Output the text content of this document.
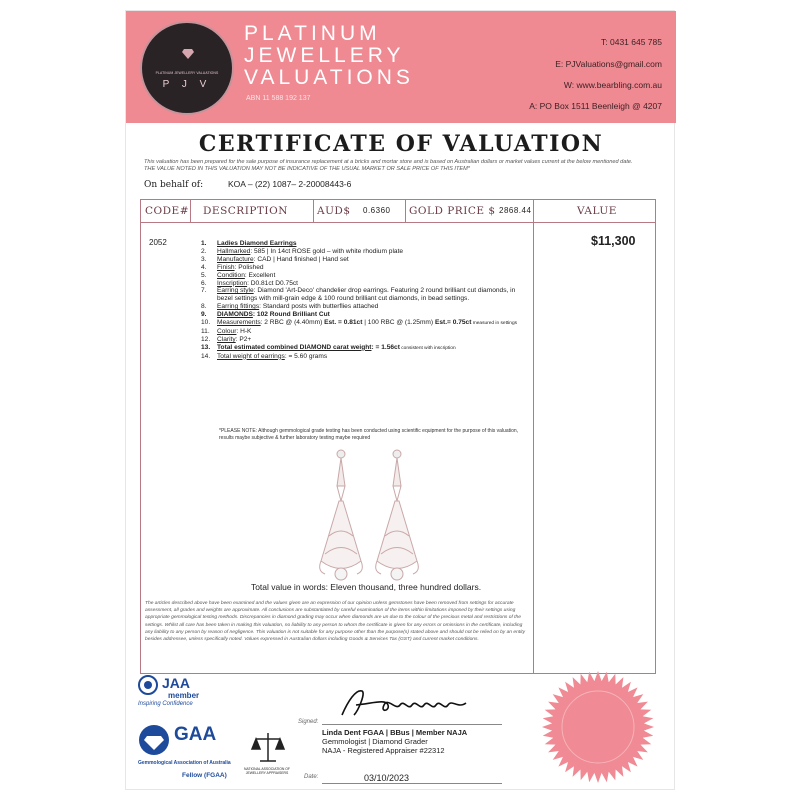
PLATINUM JEWELLERY VALUATIONS
P J V
PLATINUM
JEWELLERY
VALUATIONS
ABN 11 588 192 137
T: 0431 645 785
E: PJValuations@gmail.com
W: www.bearbling.com.au
A: PO Box 1511 Beenleigh @ 4207
CERTIFICATE OF VALUATION
This valuation has been prepared for the sale purpose of insurance replacement at a bricks and mortar store and is based on Australian dollars or market values current at the below mentioned date.
THE VALUE NOTED IN THIS VALUATION MAY NOT BE INDICATIVE OF THE USUAL MARKET OR SALE PRICE OF THIS ITEM*
On behalf of:	KOA – (22) 1087– 2-20008443-6
CODE# DESCRIPTION	AUD$ 0.6360 GOLD PRICE $ 2868.44	VALUE
2052	$11,300
1.	Ladies Diamond Earrings
2.	Hallmarked: 585 | In 14ct ROSE gold – with white rhodium plate
3.	Manufacture: CAD | Hand finished | Hand set
4.	Finish: Polished
5.	Condition: Excellent
6.	Inscription: D0.81ct D0.75ct
7.	Earring style: Diamond 'Art-Deco' chandelier drop earrings. Featuring 2 round brilliant cut diamonds, in bezel settings with mill-grain edge & 100 round brilliant cut diamonds, in bead settings.
8.	Earring fittings: Standard posts with butterflies attached
9.	DIAMONDS: 102 Round Brilliant Cut
10.	Measurements: 2 RBC @ (4.40mm) Est. = 0.81ct | 100 RBC @ (1.25mm) Est.= 0.75ct measured in settings
11.	Colour: H-K
12.	Clarity: P2+
13.	Total estimated combined DIAMOND carat weight: = 1.56ct consistent with inscription
14.	Total weight of earrings: = 5.60 grams
*PLEASE NOTE: Although gemmological grade testing has been conducted using scientific equipment for the purpose of this valuation, results maybe subjective & further laboratory testing maybe required
Total value in words: Eleven thousand, three hundred dollars.
The articles described above have been examined and the values given are an expression of our opinion unless gemstones have been removed from settings for accurate assessment, all grades and weights are approximate. All conclusions are substantiated by careful examination of the items within limitations imposed by their settings using appropriate gemmological testing methods. Discrepancies in diamond grading may occur when diamonds are un due to the colour of the precious metal and restrictions of the settings. Whilst all care has been taken in making this valuation, no liability to any person to whom the certificate is given for any errors or omissions in the certificate, including any liability to any person by reason of negligence. This valuation is not suitable for any purpose other than the purpose(s) stated above and should not be relied on by an entity besides addressee, unless specifically noted. Values expressed in Australian dollars including Goods & Services Tax (GST) and current market conditions.
JAA
member
Inspiring Confidence
GAA
Gemmological Association of Australia
Fellow (FGAA)
NATIONAL ASSOCIATION OF JEWELLERY APPRAISERS
Signed:
Linda Dent FGAA | BBus | Member NAJA
Gemmologist | Diamond Grader
NAJA - Registered Appraiser #22312
Date:	03/10/2023
